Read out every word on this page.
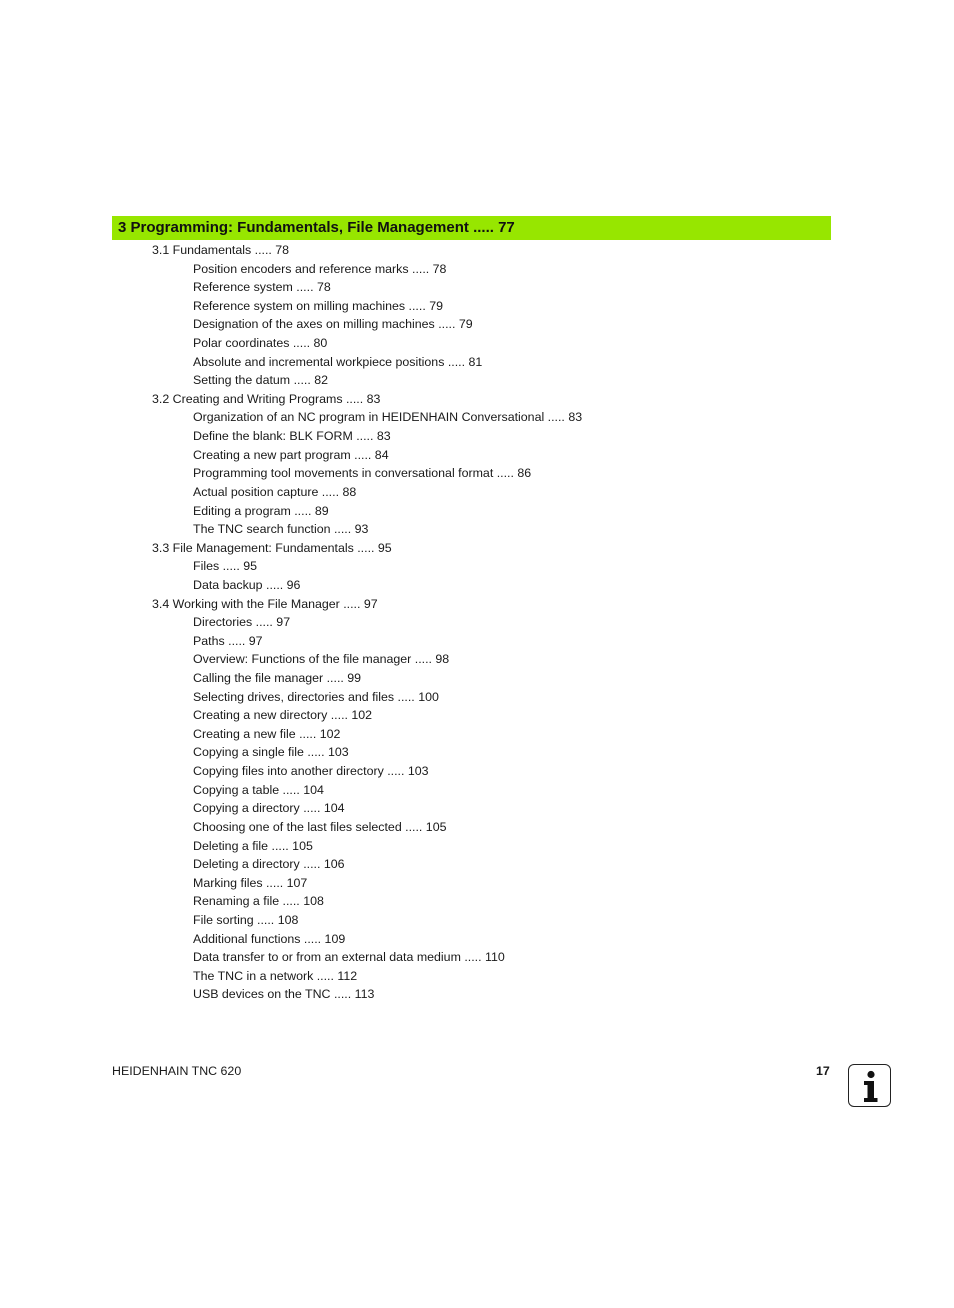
3 Programming: Fundamentals, File Management ..... 77
3.1 Fundamentals ..... 78
Position encoders and reference marks ..... 78
Reference system ..... 78
Reference system on milling machines ..... 79
Designation of the axes on milling machines ..... 79
Polar coordinates ..... 80
Absolute and incremental workpiece positions ..... 81
Setting the datum ..... 82
3.2 Creating and Writing Programs ..... 83
Organization of an NC program in HEIDENHAIN Conversational ..... 83
Define the blank: BLK FORM ..... 83
Creating a new part program ..... 84
Programming tool movements in conversational format ..... 86
Actual position capture ..... 88
Editing a program ..... 89
The TNC search function ..... 93
3.3 File Management: Fundamentals ..... 95
Files ..... 95
Data backup ..... 96
3.4 Working with the File Manager ..... 97
Directories ..... 97
Paths ..... 97
Overview: Functions of the file manager ..... 98
Calling the file manager ..... 99
Selecting drives, directories and files ..... 100
Creating a new directory ..... 102
Creating a new file ..... 102
Copying a single file ..... 103
Copying files into another directory ..... 103
Copying a table ..... 104
Copying a directory ..... 104
Choosing one of the last files selected ..... 105
Deleting a file ..... 105
Deleting a directory ..... 106
Marking files ..... 107
Renaming a file ..... 108
File sorting ..... 108
Additional functions ..... 109
Data transfer to or from an external data medium ..... 110
The TNC in a network ..... 112
USB devices on the TNC ..... 113
HEIDENHAIN TNC 620	17
